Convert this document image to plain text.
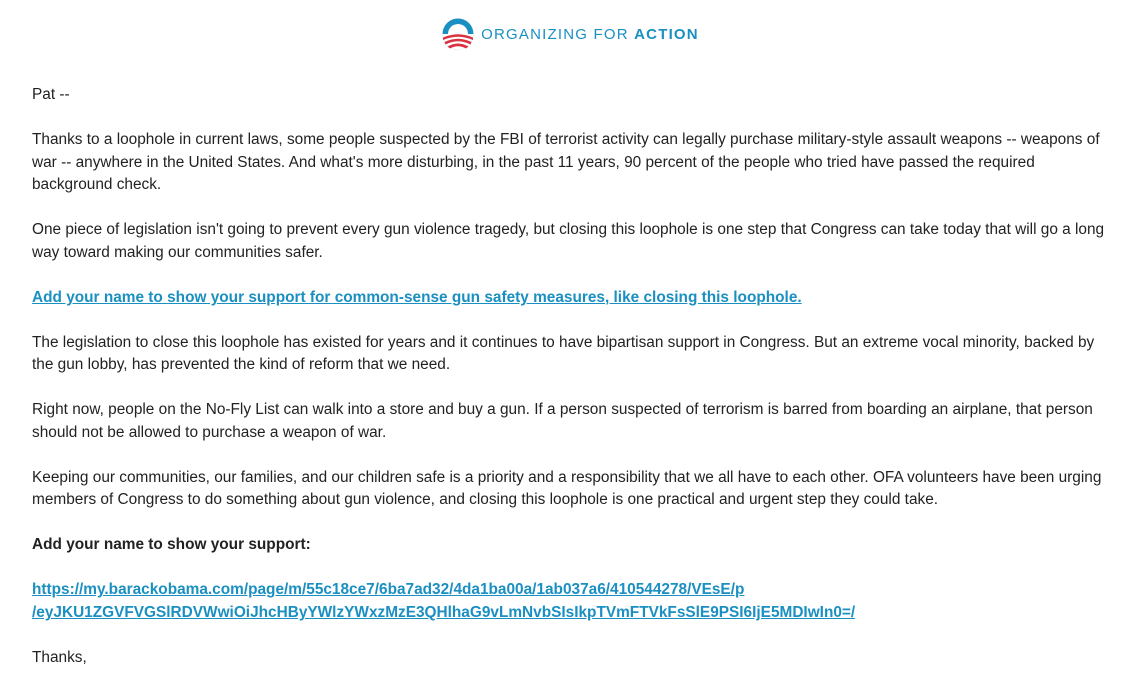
ORGANIZING FOR ACTION

Pat --

Thanks to a loophole in current laws, some people suspected by the FBI of terrorist activity can legally purchase military-style assault weapons -- weapons of war -- anywhere in the United States. And what's more disturbing, in the past 11 years, 90 percent of the people who tried have passed the required background check.

One piece of legislation isn't going to prevent every gun violence tragedy, but closing this loophole is one step that Congress can take today that will go a long way toward making our communities safer.

Add your name to show your support for common-sense gun safety measures, like closing this loophole.

The legislation to close this loophole has existed for years and it continues to have bipartisan support in Congress. But an extreme vocal minority, backed by the gun lobby, has prevented the kind of reform that we need.

Right now, people on the No-Fly List can walk into a store and buy a gun. If a person suspected of terrorism is barred from boarding an airplane, that person should not be allowed to purchase a weapon of war.

Keeping our communities, our families, and our children safe is a priority and a responsibility that we all have to each other. OFA volunteers have been urging members of Congress to do something about gun violence, and closing this loophole is one practical and urgent step they could take.

Add your name to show your support:

https://my.barackobama.com/page/m/55c18ce7/6ba7ad32/4da1ba00a/1ab037a6/410544278/VEsE/p
/eyJKU1ZGVFVGSlRDVWwiOiJhcHByYWlzYWxzMzE3QHlhaG9vLmNvbSIsIkpTVmFTVkFsSlE9PSI6IjE5MDIwIn0=/

Thanks,
